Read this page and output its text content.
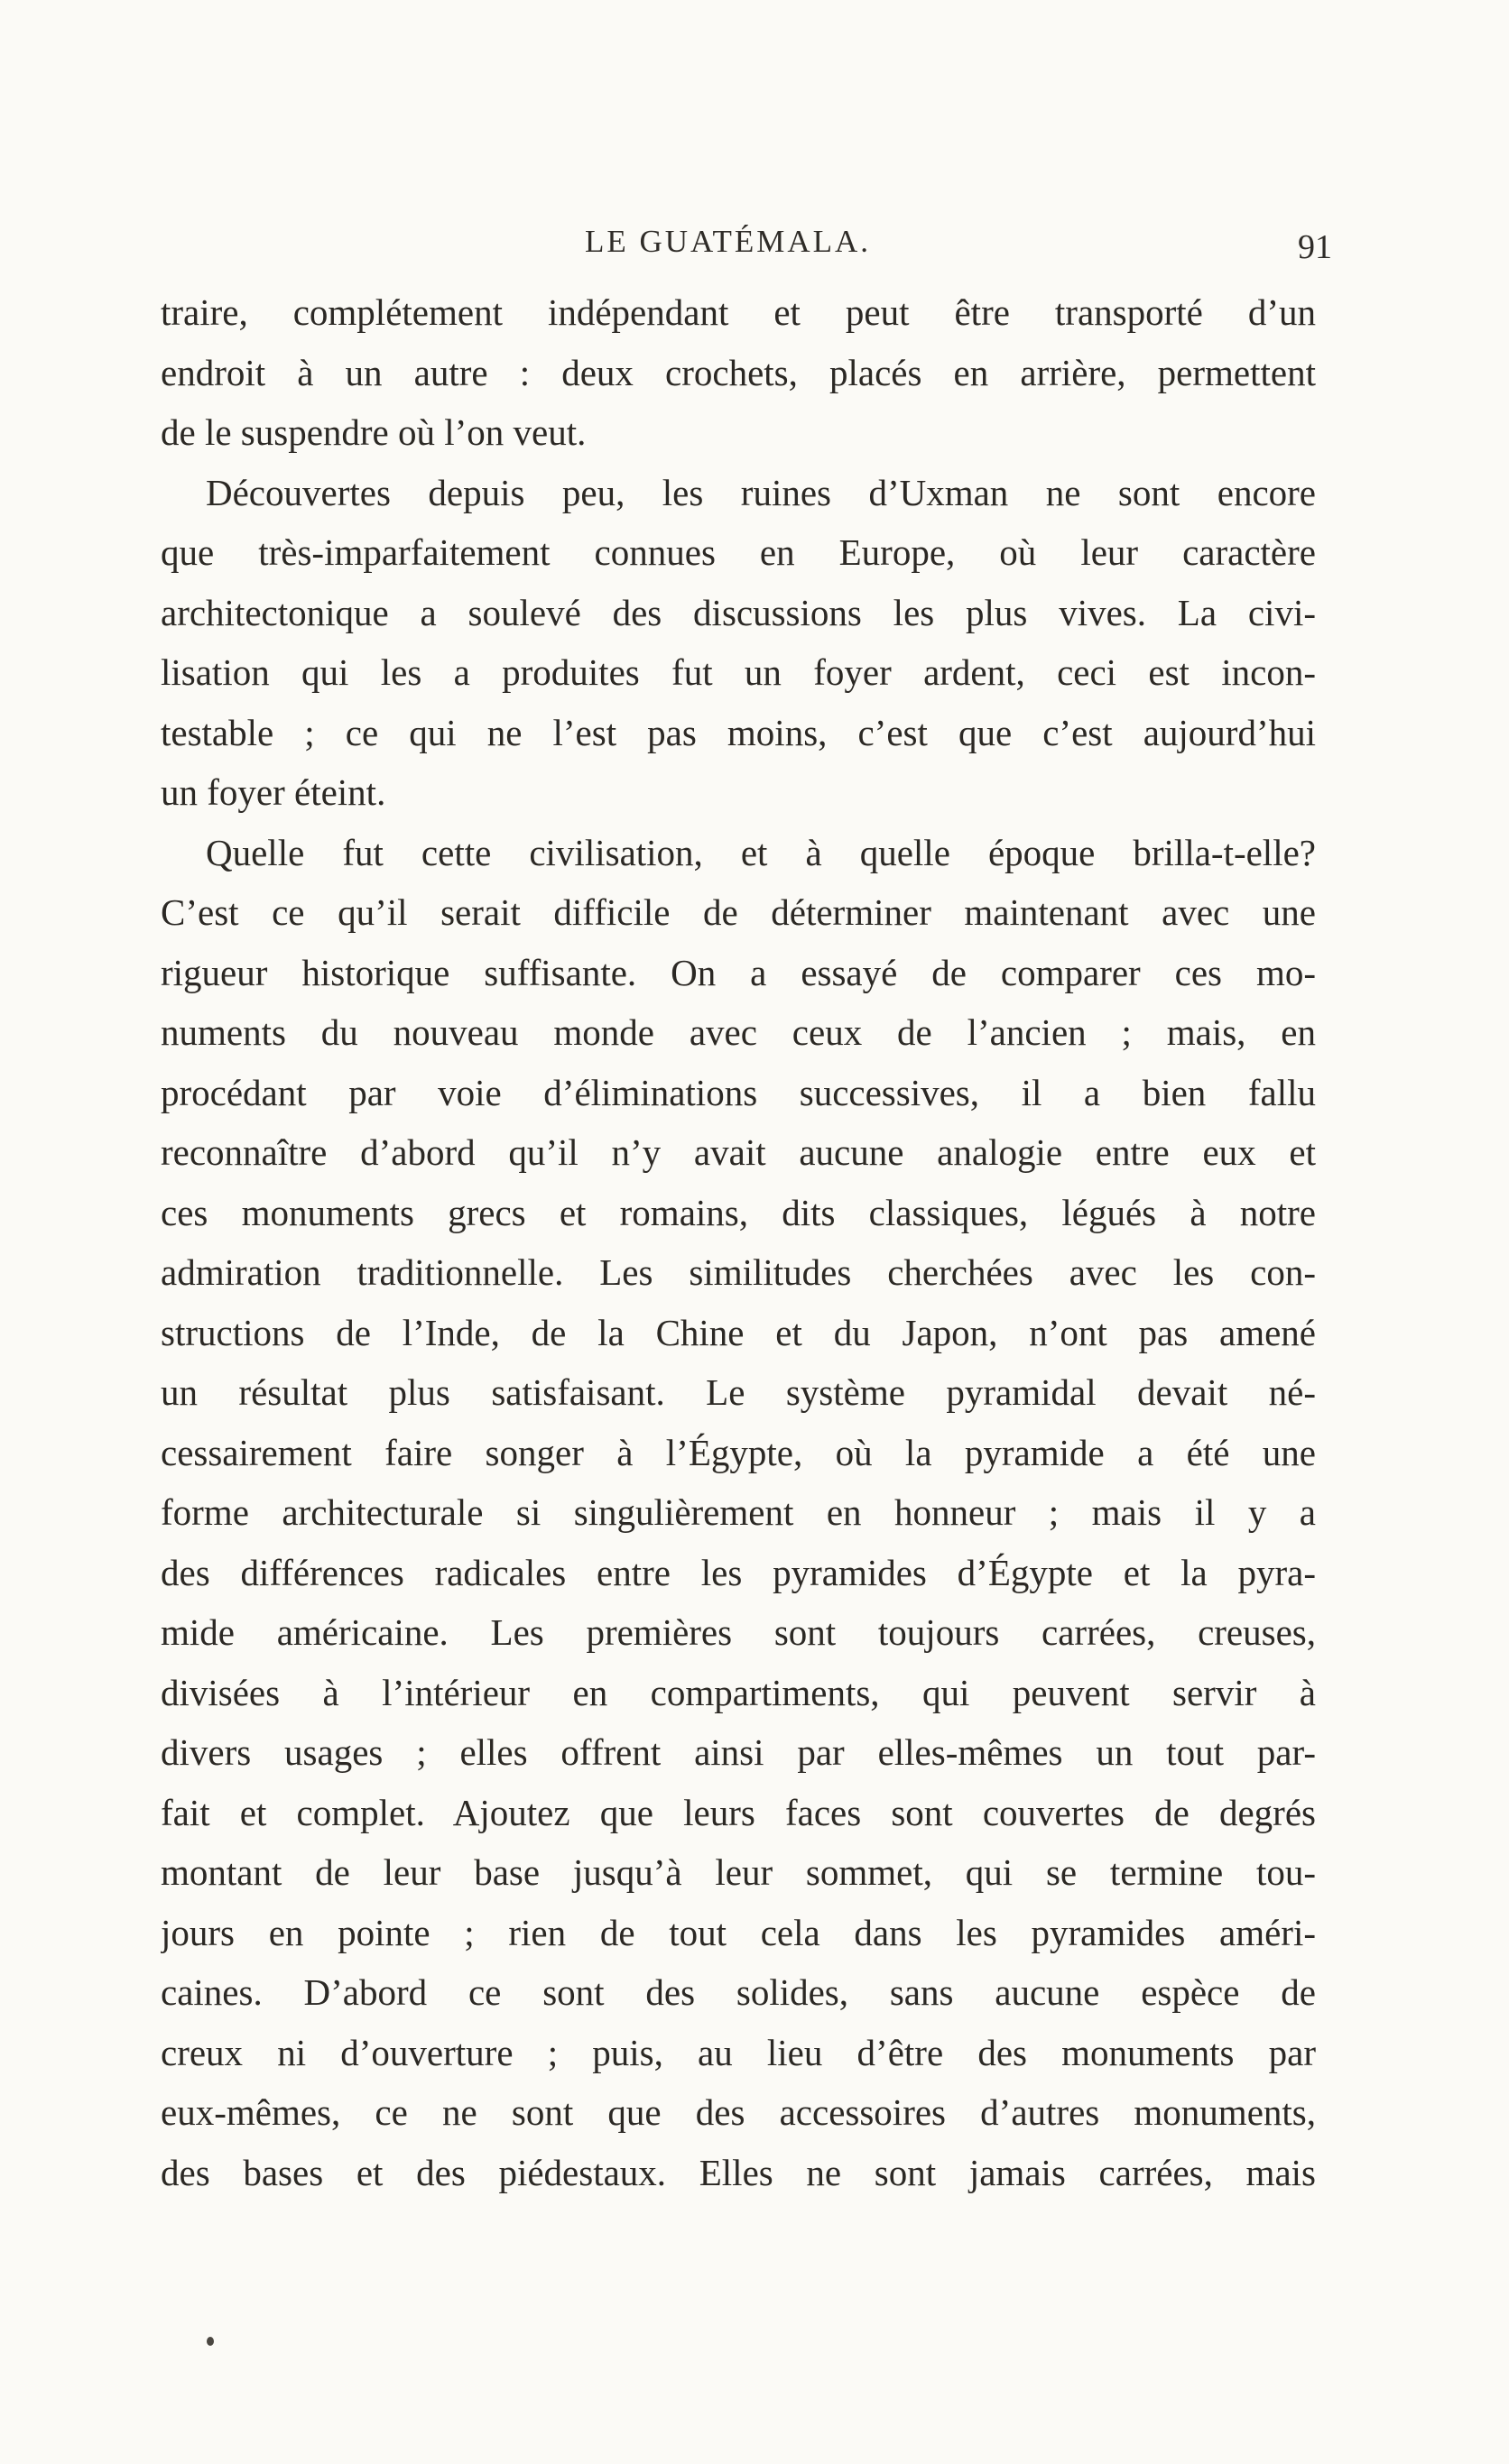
LE GUATÉMALA.	91
traire, complétement indépendant et peut être transporté d’un
endroit à un autre : deux crochets, placés en arrière, permettent
de le suspendre où l’on veut.
Découvertes depuis peu, les ruines d’Uxman ne sont encore
que très-imparfaitement connues en Europe, où leur caractère
architectonique a soulevé des discussions les plus vives. La civi-
lisation qui les a produites fut un foyer ardent, ceci est incon-
testable ; ce qui ne l’est pas moins, c’est que c’est aujourd’hui
un foyer éteint.
Quelle fut cette civilisation, et à quelle époque brilla-t-elle?
C’est ce qu’il serait difficile de déterminer maintenant avec une
rigueur historique suffisante. On a essayé de comparer ces mo-
numents du nouveau monde avec ceux de l’ancien ; mais, en
procédant par voie d’éliminations successives, il a bien fallu
reconnaître d’abord qu’il n’y avait aucune analogie entre eux et
ces monuments grecs et romains, dits classiques, légués à notre
admiration traditionnelle. Les similitudes cherchées avec les con-
structions de l’Inde, de la Chine et du Japon, n’ont pas amené
un résultat plus satisfaisant. Le système pyramidal devait né-
cessairement faire songer à l’Égypte, où la pyramide a été une
forme architecturale si singulièrement en honneur ; mais il y a
des différences radicales entre les pyramides d’Égypte et la pyra-
mide américaine. Les premières sont toujours carrées, creuses,
divisées à l’intérieur en compartiments, qui peuvent servir à
divers usages ; elles offrent ainsi par elles-mêmes un tout par-
fait et complet. Ajoutez que leurs faces sont couvertes de degrés
montant de leur base jusqu’à leur sommet, qui se termine tou-
jours en pointe ; rien de tout cela dans les pyramides améri-
caines. D’abord ce sont des solides, sans aucune espèce de
creux ni d’ouverture ; puis, au lieu d’être des monuments par
eux-mêmes, ce ne sont que des accessoires d’autres monuments,
des bases et des piédestaux. Elles ne sont jamais carrées, mais
